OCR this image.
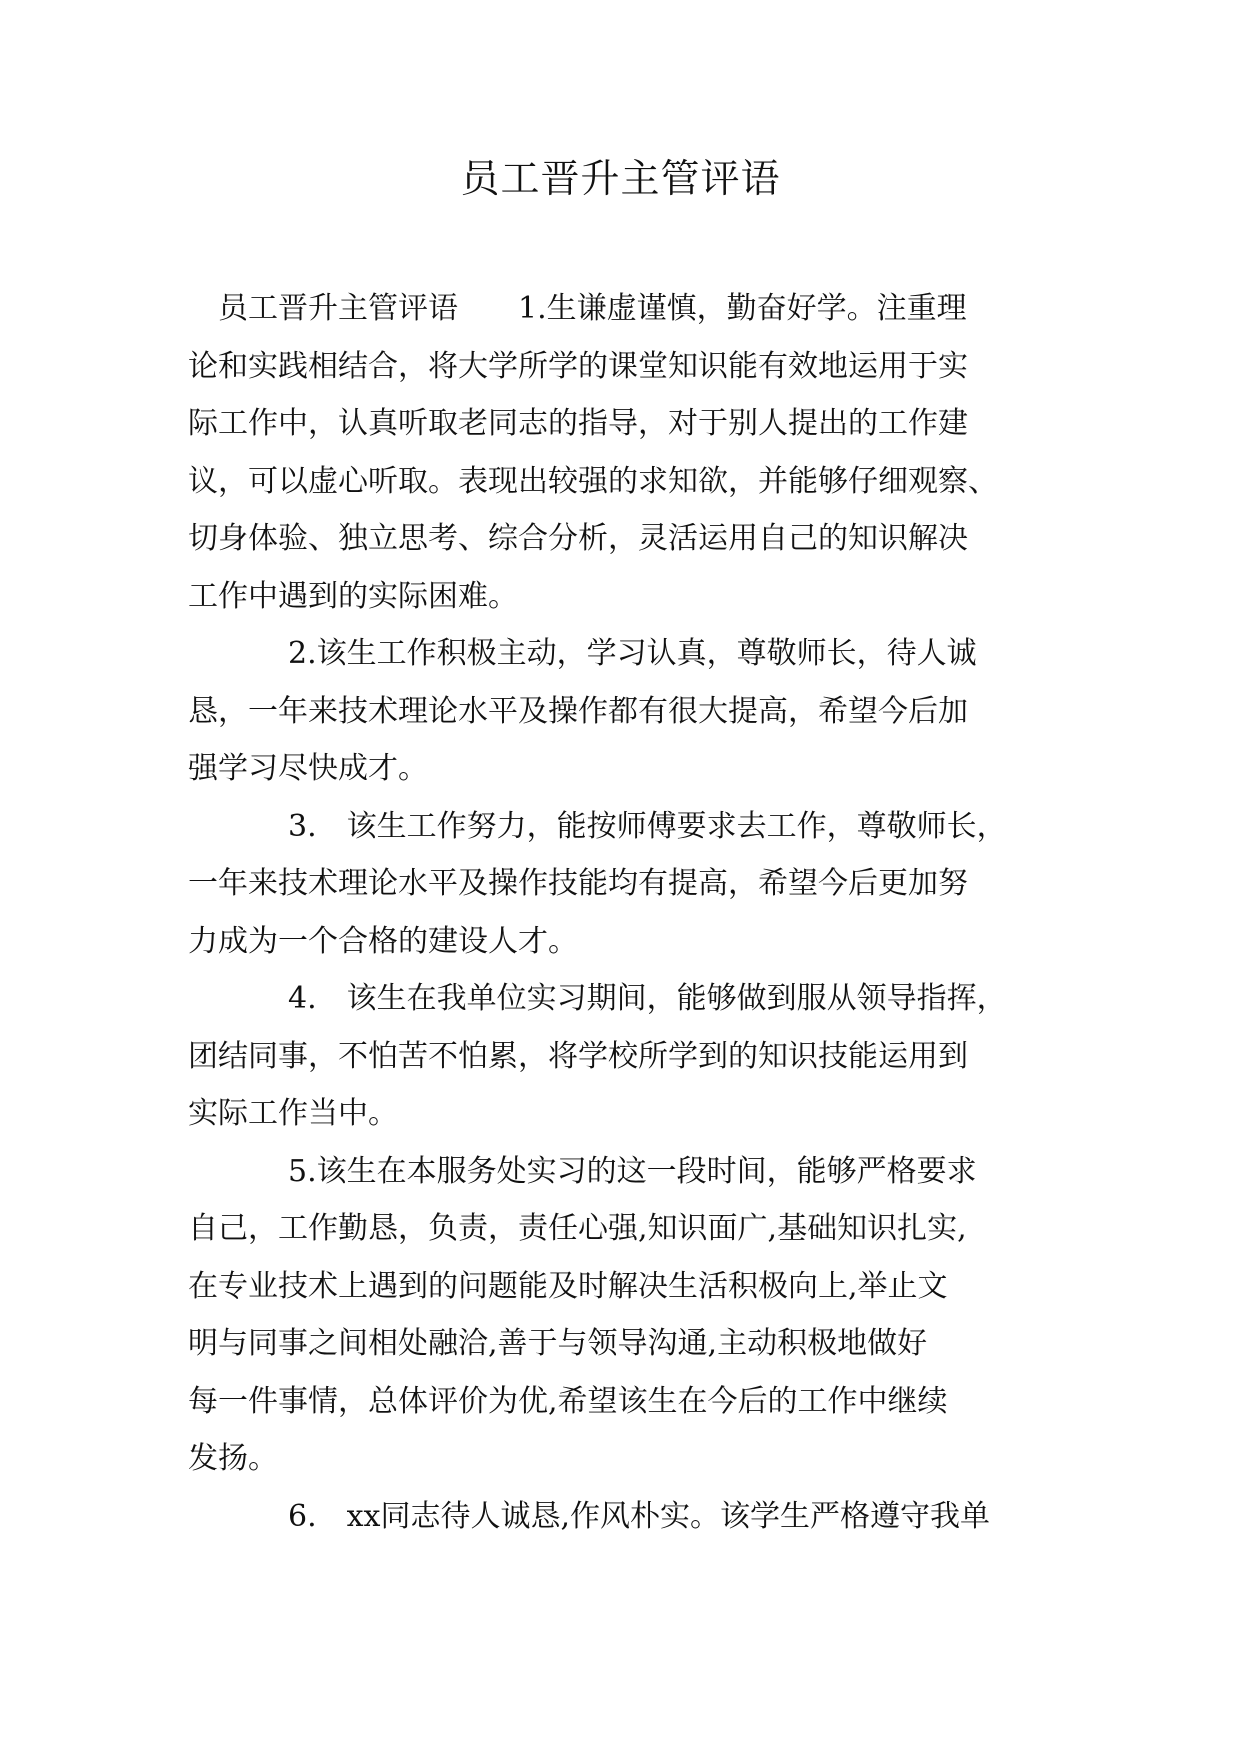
员工晋升主管评语

员工晋升主管评语　　1.生谦虚谨慎，勤奋好学。注重理
论和实践相结合，将大学所学的课堂知识能有效地运用于实
际工作中，认真听取老同志的指导，对于别人提出的工作建
议，可以虚心听取。表现出较强的求知欲，并能够仔细观察、
切身体验、独立思考、综合分析，灵活运用自己的知识解决
工作中遇到的实际困难。

2.该生工作积极主动，学习认真，尊敬师长，待人诚
恳，一年来技术理论水平及操作都有很大提高，希望今后加
强学习尽快成才。

3.　该生工作努力，能按师傅要求去工作，尊敬师长，
一年来技术理论水平及操作技能均有提高，希望今后更加努
力成为一个合格的建设人才。

4.　该生在我单位实习期间，能够做到服从领导指挥，
团结同事，不怕苦不怕累，将学校所学到的知识技能运用到
实际工作当中。

5.该生在本服务处实习的这一段时间，能够严格要求
自己，工作勤恳，负责，责任心强,知识面广,基础知识扎实,
在专业技术上遇到的问题能及时解决生活积极向上,举止文
明与同事之间相处融洽,善于与领导沟通,主动积极地做好
每一件事情，总体评价为优,希望该生在今后的工作中继续
发扬。

6.　xx同志待人诚恳,作风朴实。该学生严格遵守我单
